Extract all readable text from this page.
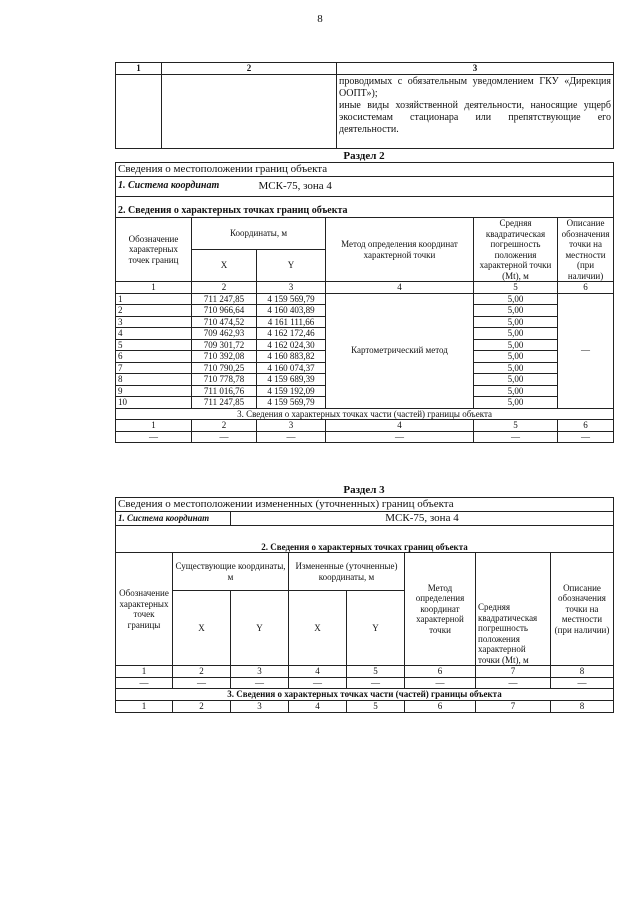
8
1	2	3

		проводимых с обязательным уведомлением ГКУ «Дирекция ООПТ»);
иные виды хозяйственной деятельности, наносящие ущерб экосистемам стационара или препятствующие его деятельности.
Раздел 2
Сведения о местоположении границ объекта					
1. Система координат		МСК-75, зона 4			

2. Сведения о характерных точках границ объекта					
Обозначение характерных точек границ	Координаты, м		Метод определения координат характерной точки	Средняя квадратическая погрешность положения характерной точки (Mt), м	Описание обозначения точки на местности (при наличии)
	X	Y			
1	2	3	4	5	6
1	711 247,85	4 159 569,79	Картометрический метод	5,00	—
2	710 966,64	4 160 403,89		5,00	
3	710 474,52	4 161 111,66		5,00	
4	709 462,93	4 162 172,46		5,00	
5	709 301,72	4 162 024,30		5,00	
6	710 392,08	4 160 883,82		5,00	
7	710 790,25	4 160 074,37		5,00	
8	710 778,78	4 159 689,39		5,00	
9	711 016,76	4 159 192,09		5,00	
10	711 247,85	4 159 569,79		5,00	
3. Сведения о характерных точках части (частей) границы объекта					
1	2	3	4	5	6
—	—	—	—	—	—
Раздел 3
Сведения о местоположении измененных (уточненных) границ объекта							
1. Система координат		МСК-75, зона 4					

2. Сведения о характерных точках границ объекта							
Обозначение характерных точек границы	Существующие координаты, м		Измененные (уточненные) координаты, м		Метод определения координат характерной точки	Средняя квадратическая погрешность положения характерной точки (Mt), м	Описание обозначения точки на местности (при наличии)
	X	Y	X	Y			
1	2	3	4	5	6	7	8
—	—	—	—	—	—	—	—
3. Сведения о характерных точках части (частей) границы объекта							
1	2	3	4	5	6	7	8
